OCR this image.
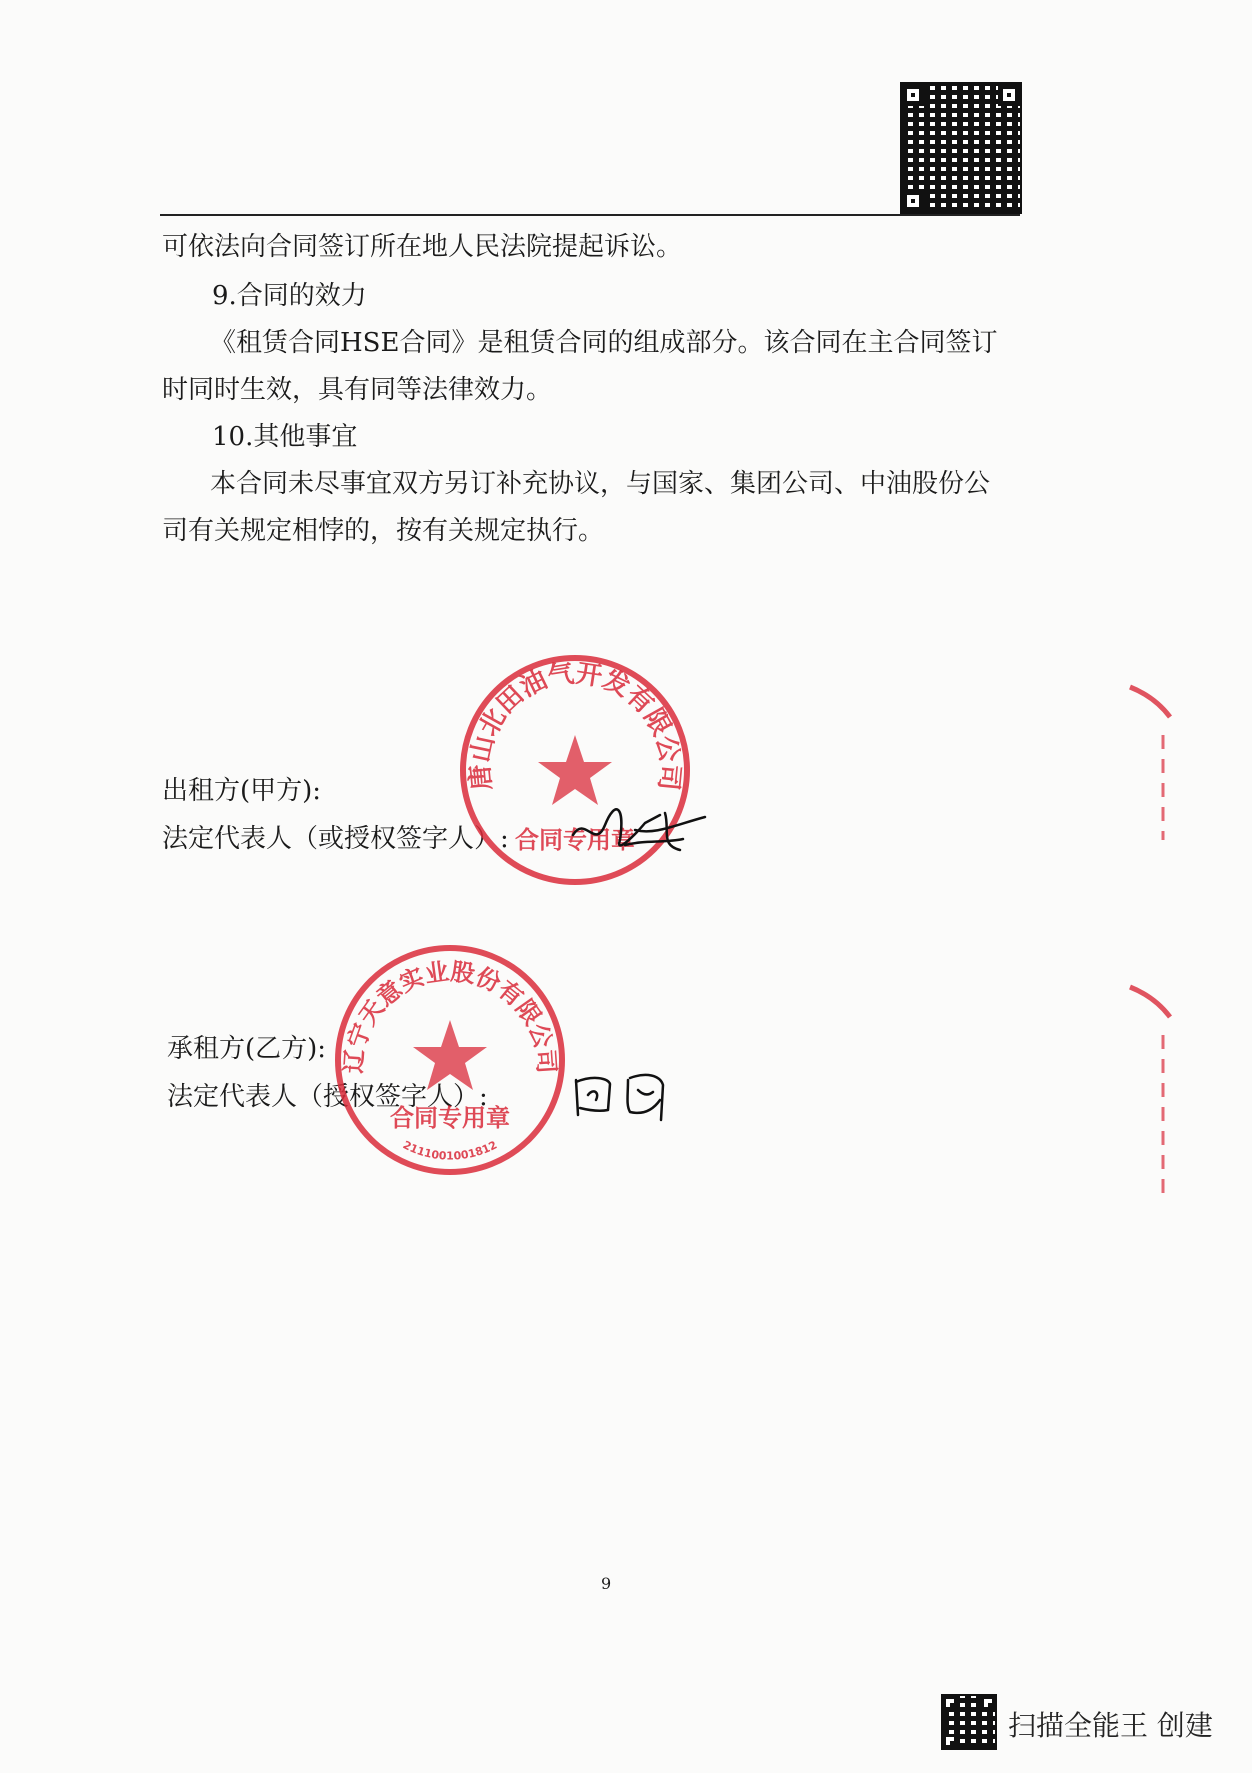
可依法向合同签订所在地人民法院提起诉讼。
9.合同的效力
《租赁合同HSE合同》是租赁合同的组成部分。该合同在主合同签订
时同时生效，具有同等法律效力。
10.其他事宜
本合同未尽事宜双方另订补充协议，与国家、集团公司、中油股份公
司有关规定相悖的，按有关规定执行。
出租方(甲方):
法定代表人（或授权签字人）:
唐山北田油气开发有限公司
合同专用章
承租方(乙方):
法定代表人（授权签字人）:
辽宁天意实业股份有限公司
合同专用章
2111001001812
9
扫描全能王 创建
